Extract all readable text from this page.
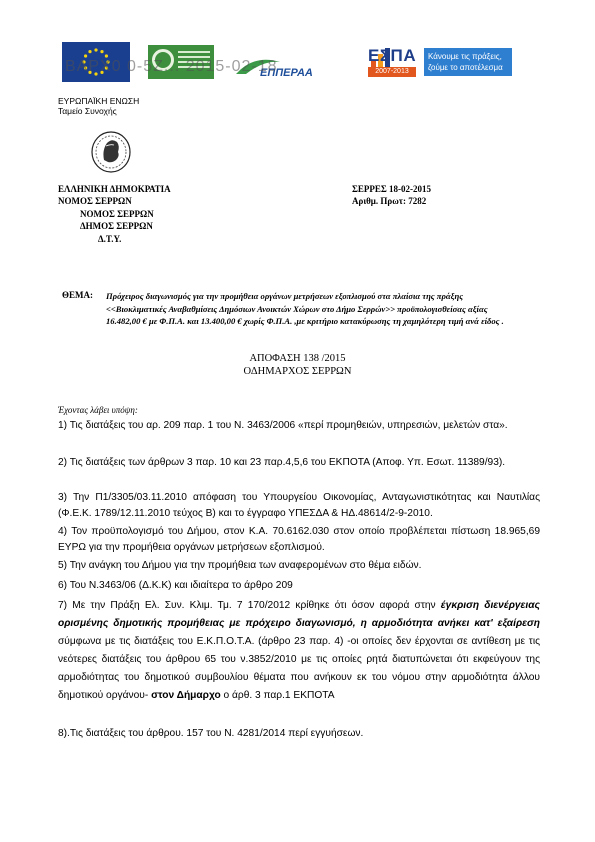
ΕΠΠΕΡΑΑ
ΕΣΠΑ
2007-2013
Κάνουμε τις πράξεις,
ζούμε το αποτέλεσμα
ΒΑΡΧ0 0-5Ζ... 2015-02-18
ΕΥΡΩΠΑΪΚΗ ΕΝΩΣΗ
Ταμείο Συνοχής
ΕΛΛΗΝΙΚΗ ΔΗΜΟΚΡΑΤΙΑ
ΝΟΜΟΣ ΣΕΡΡΩΝ
ΝΟΜΟΣ ΣΕΡΡΩΝ
ΔΗΜΟΣ ΣΕΡΡΩΝ
Δ.Τ.Υ.
ΣΕΡΡΕΣ 18-02-2015
Αριθμ. Πρωτ: 7282
ΘΕΜΑ: Πρόχειρος διαγωνισμός για την προμήθεια οργάνων μετρήσεων εξοπλισμού στα πλαίσια της πράξης <<Βιοκλιματικές Αναβαθμίσεις Δημόσιων Ανοικτών Χώρων στο Δήμο Σερρών>> προϋπολογισθείσας αξίας 16.482,00 € με Φ.Π.Α. και 13.400,00 € χωρίς Φ.Π.Α. ,με κριτήριο κατακύρωσης τη χαμηλότερη τιμή ανά είδος .
ΑΠΟΦΑΣΗ 138 /2015
ΟΔΗΜΑΡΧΟΣ ΣΕΡΡΩΝ
Έχοντας λάβει υπόψη:
1) Τις διατάξεις του αρ. 209 παρ. 1 του Ν. 3463/2006 «περί προμηθειών, υπηρεσιών, μελετών στα».
2) Τις διατάξεις των άρθρων 3 παρ. 10 και 23 παρ.4,5,6 του ΕΚΠΟΤΑ (Αποφ. Υπ. Εσωτ. 11389/93).
3) Την Π1/3305/03.11.2010 απόφαση του Υπουργείου Οικονομίας, Ανταγωνιστικότητας και Ναυτιλίας (Φ.Ε.Κ. 1789/12.11.2010 τεύχος Β) και το έγγραφο ΥΠΕΣΔΑ & ΗΔ.48614/2-9-2010.
4) Τον προϋπολογισμό του Δήμου, στον Κ.Α. 70.6162.030 στον οποίο προβλέπεται πίστωση 18.965,69 ΕΥΡΩ για την προμήθεια οργάνων μετρήσεων εξοπλισμού.
5) Την ανάγκη του Δήμου για την προμήθεια των αναφερομένων στο θέμα ειδών.
6) Του Ν.3463/06 (Δ.Κ.Κ) και ιδιαίτερα το άρθρο 209
7) Με την Πράξη Ελ. Συν. Κλιμ. Τμ. 7 170/2012 κρίθηκε ότι όσον αφορά στην έγκριση διενέργειας ορισμένης δημοτικής προμήθειας με πρόχειρο διαγωνισμό, η αρμοδιότητα ανήκει κατ' εξαίρεση σύμφωνα με τις διατάξεις του Ε.Κ.Π.Ο.Τ.Α. (άρθρο 23 παρ. 4) -οι οποίες δεν έρχονται σε αντίθεση με τις νεότερες διατάξεις του άρθρου 65 του ν.3852/2010 με τις οποίες ρητά διατυπώνεται ότι εκφεύγουν της αρμοδιότητας του δημοτικού συμβουλίου θέματα που ανήκουν εκ του νόμου στην αρμοδιότητα άλλου δημοτικού οργάνου- στον Δήμαρχο ο άρθ. 3 παρ.1 ΕΚΠΟΤΑ
8).Τις διατάξεις του άρθρου. 157 του Ν. 4281/2014 περί εγγυήσεων.
